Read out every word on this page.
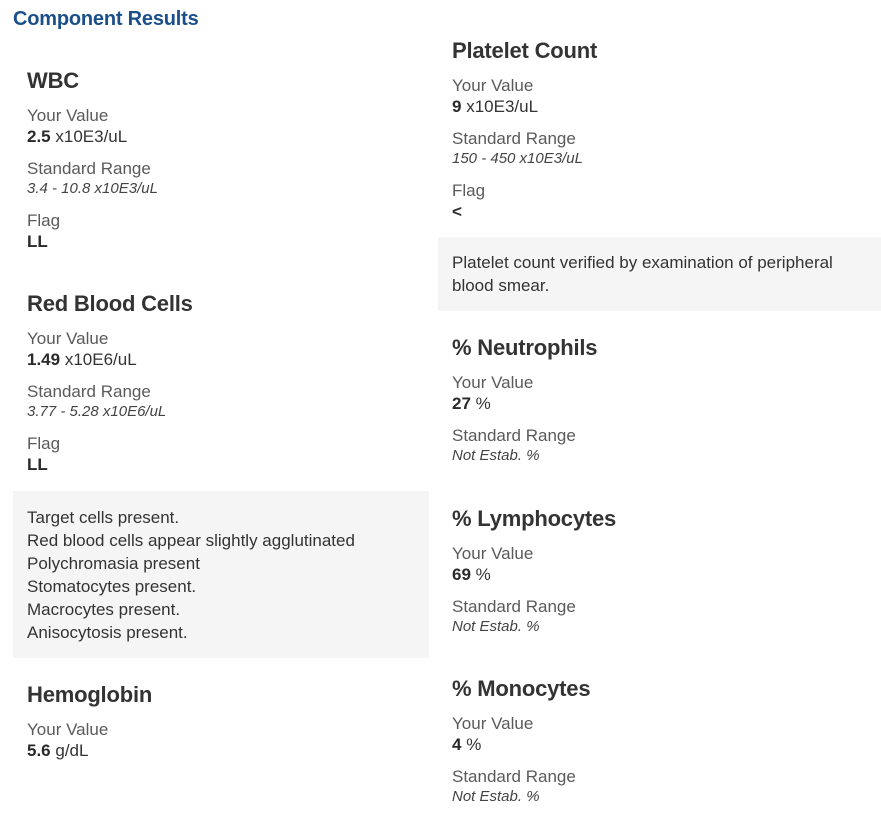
Component Results
WBC
Your Value
2.5 x10E3/uL
Standard Range
3.4 - 10.8 x10E3/uL
Flag
LL
Red Blood Cells
Your Value
1.49 x10E6/uL
Standard Range
3.77 - 5.28 x10E6/uL
Flag
LL
Target cells present.
Red blood cells appear slightly agglutinated
Polychromasia present
Stomatocytes present.
Macrocytes present.
Anisocytosis present.
Hemoglobin
Your Value
5.6 g/dL
Platelet Count
Your Value
9 x10E3/uL
Standard Range
150 - 450 x10E3/uL
Flag
<
Platelet count verified by examination of peripheral
blood smear.
% Neutrophils
Your Value
27 %
Standard Range
Not Estab. %
% Lymphocytes
Your Value
69 %
Standard Range
Not Estab. %
% Monocytes
Your Value
4 %
Standard Range
Not Estab. %
